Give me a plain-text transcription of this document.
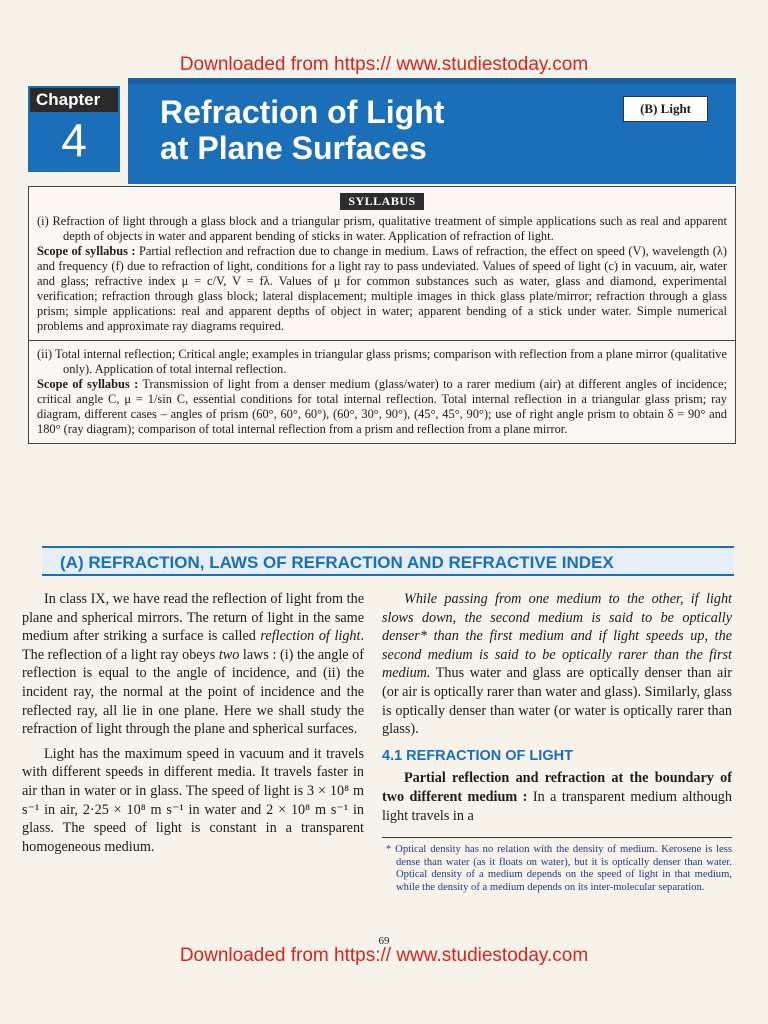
Downloaded from https:// www.studiestoday.com
Chapter
4
Refraction of Light
at Plane Surfaces
(B) Light
SYLLABUS
(i) Refraction of light through a glass block and a triangular prism, qualitative treatment of simple applications such as real and apparent depth of objects in water and apparent bending of sticks in water. Application of refraction of light.
Scope of syllabus : Partial reflection and refraction due to change in medium. Laws of refraction, the effect on speed (V), wavelength (λ) and frequency (f) due to refraction of light, conditions for a light ray to pass undeviated. Values of speed of light (c) in vacuum, air, water and glass; refractive index μ = c/V, V = fλ. Values of μ for common substances such as water, glass and diamond, experimental verification; refraction through glass block; lateral displacement; multiple images in thick glass plate/mirror; refraction through a glass prism; simple applications: real and apparent depths of object in water; apparent bending of a stick under water. Simple numerical problems and approximate ray diagrams required.
(ii) Total internal reflection; Critical angle; examples in triangular glass prisms; comparison with reflection from a plane mirror (qualitative only). Application of total internal reflection.
Scope of syllabus : Transmission of light from a denser medium (glass/water) to a rarer medium (air) at different angles of incidence; critical angle C, μ = 1/sin C, essential conditions for total internal reflection. Total internal reflection in a triangular glass prism; ray diagram, different cases – angles of prism (60°, 60°, 60°), (60°, 30°, 90°), (45°, 45°, 90°); use of right angle prism to obtain δ = 90° and 180° (ray diagram); comparison of total internal reflection from a prism and reflection from a plane mirror.
(A) REFRACTION, LAWS OF REFRACTION AND REFRACTIVE INDEX

In class IX, we have read the reflection of light from the plane and spherical mirrors. The return of light in the same medium after striking a surface is called reflection of light. The reflection of a light ray obeys two laws : (i) the angle of reflection is equal to the angle of incidence, and (ii) the incident ray, the normal at the point of incidence and the reflected ray, all lie in one plane. Here we shall study the refraction of light through the plane and spherical surfaces.

Light has the maximum speed in vacuum and it travels with different speeds in different media. It travels faster in air than in water or in glass. The speed of light is 3 × 10⁸ m s⁻¹ in air, 2·25 × 10⁸ m s⁻¹ in water and 2 × 10⁸ m s⁻¹ in glass. The speed of light is constant in a transparent homogeneous medium.

While passing from one medium to the other, if light slows down, the second medium is said to be optically denser* than the first medium and if light speeds up, the second medium is said to be optically rarer than the first medium. Thus water and glass are optically denser than air (or air is optically rarer than water and glass). Similarly, glass is optically denser than water (or water is optically rarer than glass).

4.1 REFRACTION OF LIGHT

Partial reflection and refraction at the boundary of two different medium : In a transparent medium although light travels in a

* Optical density has no relation with the density of medium. Kerosene is less dense than water (as it floats on water), but it is optically denser than water. Optical density of a medium depends on the speed of light in that medium, while the density of a medium depends on its inter-molecular separation.
69
Downloaded from https:// www.studiestoday.com
